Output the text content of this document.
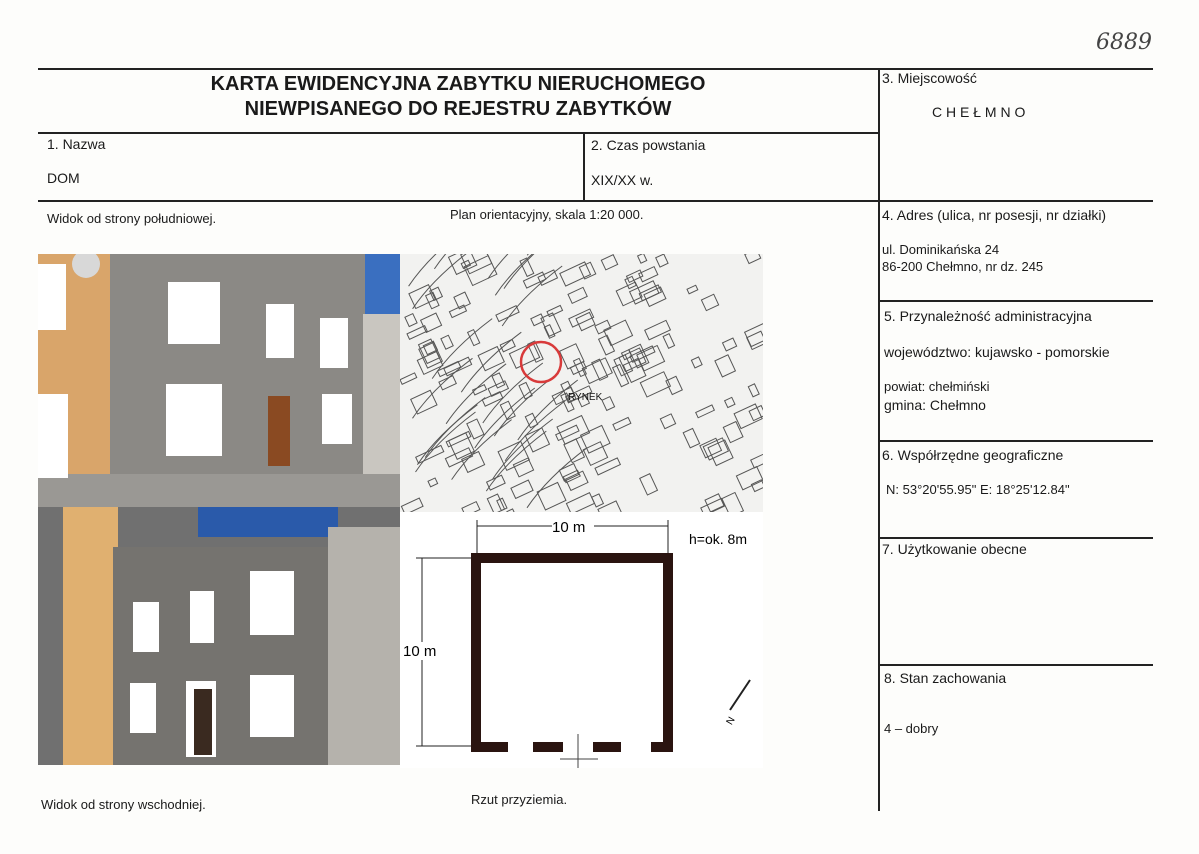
6889
KARTA EWIDENCYJNA ZABYTKU NIERUCHOMEGO
NIEWPISANEGO DO REJESTRU ZABYTKÓW
1. Nazwa
DOM
2. Czas powstania
XIX/XX w.
3. Miejscowość
C H E Ł M N O
4. Adres (ulica, nr posesji, nr działki)
ul. Dominikańska 24
86-200 Chełmno, nr dz. 245
5. Przynależność administracyjna
województwo: kujawsko - pomorskie
powiat: chełmiński
gmina: Chełmno
6. Współrzędne geograficzne
N: 53°20'55.95" E: 18°25'12.84"
7. Użytkowanie obecne
8. Stan zachowania
4 – dobry
Widok od strony południowej.	Plan orientacyjny, skala 1:20 000.
Widok od strony wschodniej.	Rzut przyziemia.
RYNEK
10 m
10 m
h=ok. 8m
N
